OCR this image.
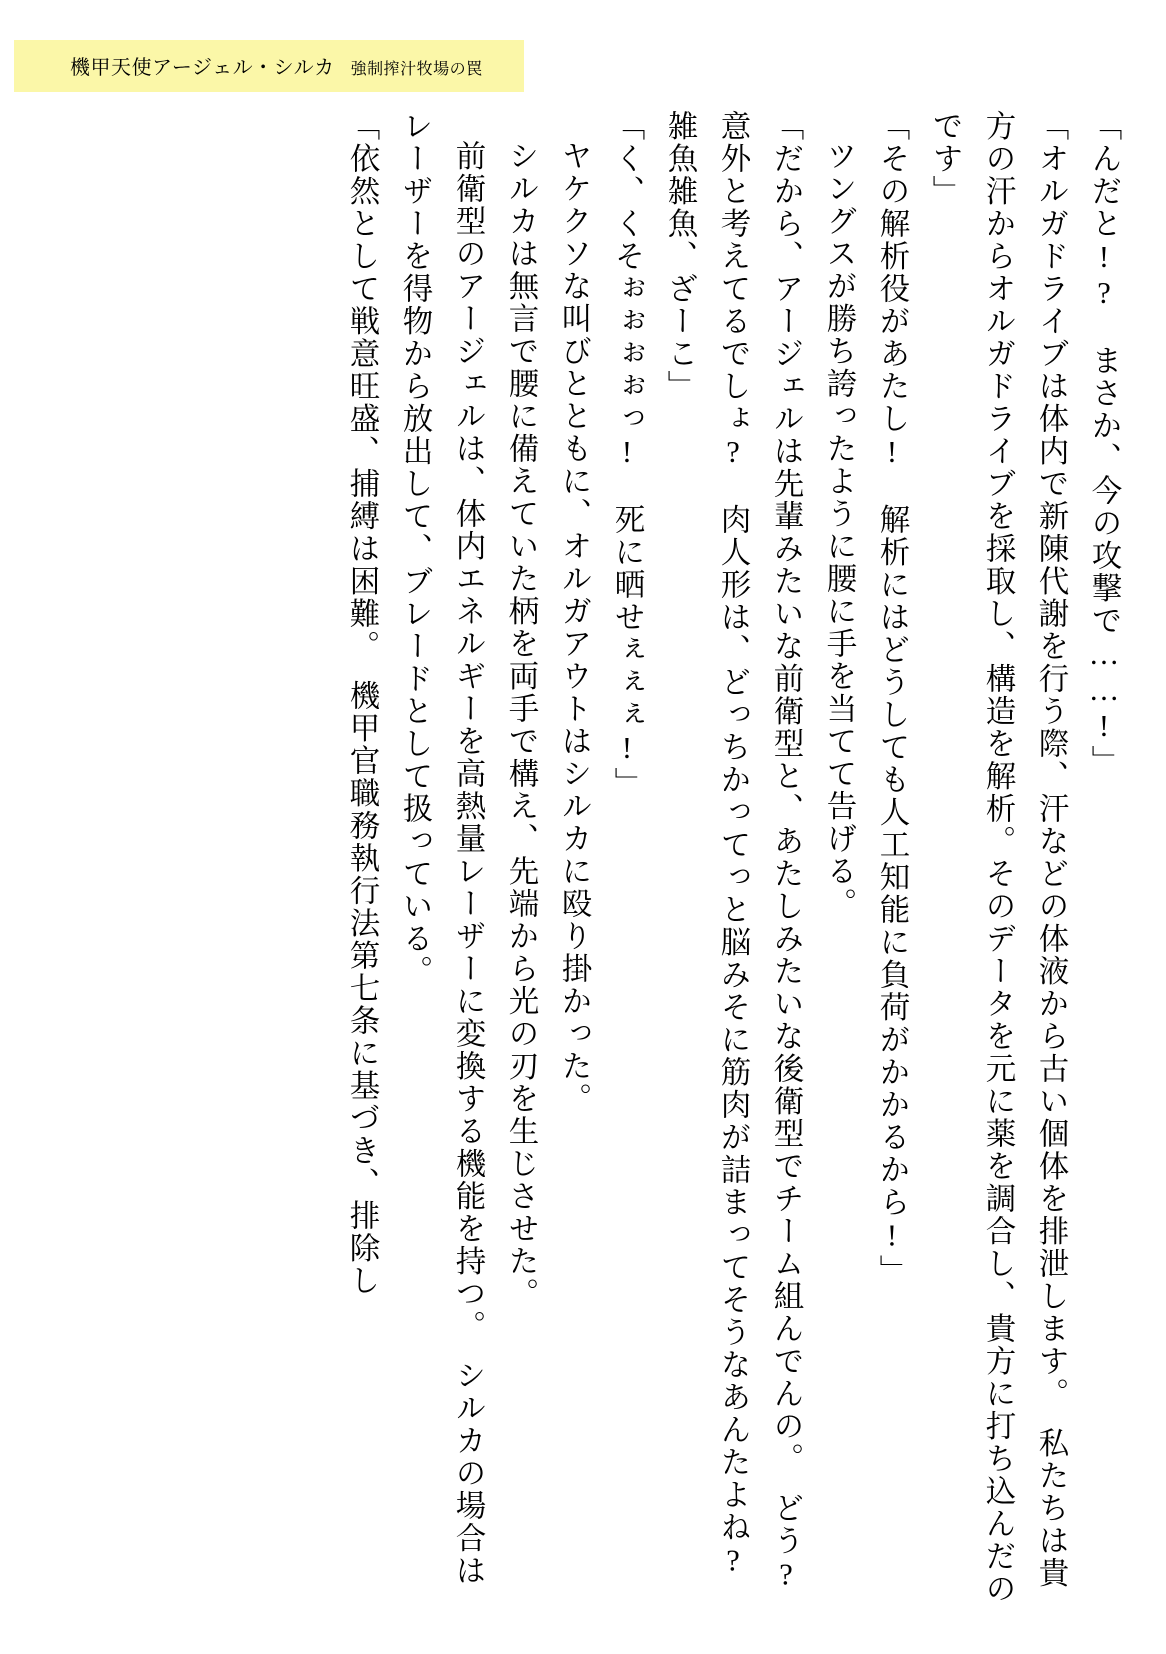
機甲天使アージェル・シルカ 強制搾汁牧場の罠

「んだと!?　まさか、今の攻撃で……!」

「オルガドライブは体内で新陳代謝を行う際、汗などの体液から古い個体を排泄します。　私たちは貴方の汗からオルガドライブを採取し、構造を解析。そのデータを元に薬を調合し、貴方に打ち込んだのです」

「その解析役があたし!　解析にはどうしても人工知能に負荷がかかるから!」

ツングスが勝ち誇ったように腰に手を当てて告げる。

「だから、アージェルは先輩みたいな前衛型と、あたしみたいな後衛型でチーム組んでんの。　どう?　意外と考えてるでしょ?　肉人形は、どっちかってっと脳みそに筋肉が詰まってそうなあんたよね?　雑魚雑魚、ざーこ」

「く、くそぉぉぉぉっ!　死に晒せぇぇぇ!」

ヤケクソな叫びとともに、オルガアウトはシルカに殴り掛かった。

シルカは無言で腰に備えていた柄を両手で構え、先端から光の刃を生じさせた。

前衛型のアージェルは、体内エネルギーを高熱量レーザーに変換する機能を持つ。　シルカの場合はレーザーを得物から放出して、ブレードとして扱っている。

「依然として戦意旺盛、捕縛は困難。　機甲官職務執行法第七条に基づき、排除し
